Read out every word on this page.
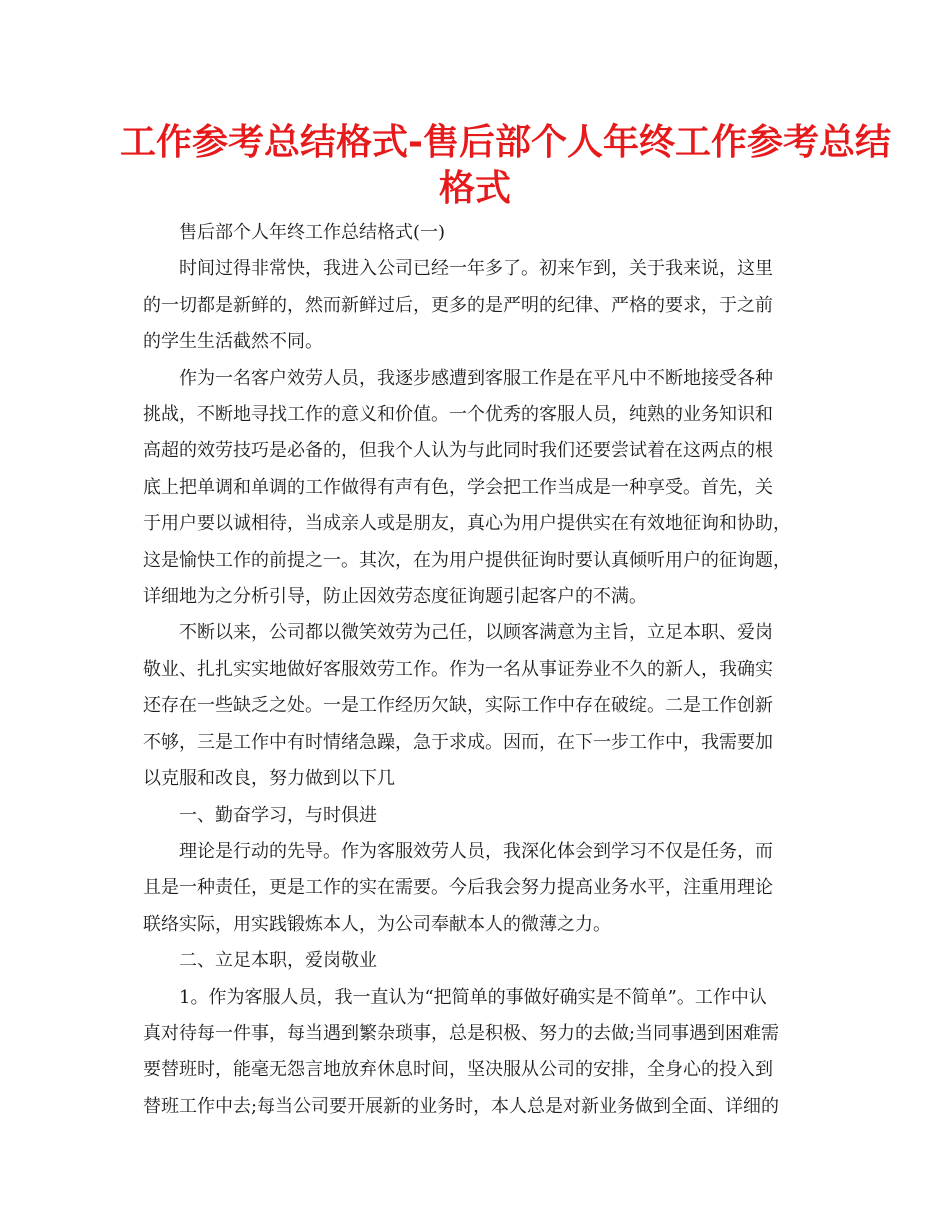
工作参考总结格式-售后部个人年终工作参考总结
格式
售后部个人年终工作总结格式(一)
时间过得非常快，我进入公司已经一年多了。初来乍到，关于我来说，这里
的一切都是新鲜的，然而新鲜过后，更多的是严明的纪律、严格的要求，于之前
的学生生活截然不同。
作为一名客户效劳人员，我逐步感遭到客服工作是在平凡中不断地接受各种
挑战，不断地寻找工作的意义和价值。一个优秀的客服人员，纯熟的业务知识和
高超的效劳技巧是必备的，但我个人认为与此同时我们还要尝试着在这两点的根
底上把单调和单调的工作做得有声有色，学会把工作当成是一种享受。首先，关
于用户要以诚相待，当成亲人或是朋友，真心为用户提供实在有效地征询和协助，
这是愉快工作的前提之一。其次，在为用户提供征询时要认真倾听用户的征询题，
详细地为之分析引导，防止因效劳态度征询题引起客户的不满。
不断以来，公司都以微笑效劳为己任，以顾客满意为主旨，立足本职、爱岗
敬业、扎扎实实地做好客服效劳工作。作为一名从事证券业不久的新人，我确实
还存在一些缺乏之处。一是工作经历欠缺，实际工作中存在破绽。二是工作创新
不够，三是工作中有时情绪急躁，急于求成。因而，在下一步工作中，我需要加
以克服和改良，努力做到以下几
一、勤奋学习，与时俱进
理论是行动的先导。作为客服效劳人员，我深化体会到学习不仅是任务，而
且是一种责任，更是工作的实在需要。今后我会努力提高业务水平，注重用理论
联络实际，用实践锻炼本人，为公司奉献本人的微薄之力。
二、立足本职，爱岗敬业
1。作为客服人员，我一直认为“把简单的事做好确实是不简单”。工作中认
真对待每一件事，每当遇到繁杂琐事，总是积极、努力的去做;当同事遇到困难需
要替班时，能毫无怨言地放弃休息时间，坚决服从公司的安排，全身心的投入到
替班工作中去;每当公司要开展新的业务时，本人总是对新业务做到全面、详细的
